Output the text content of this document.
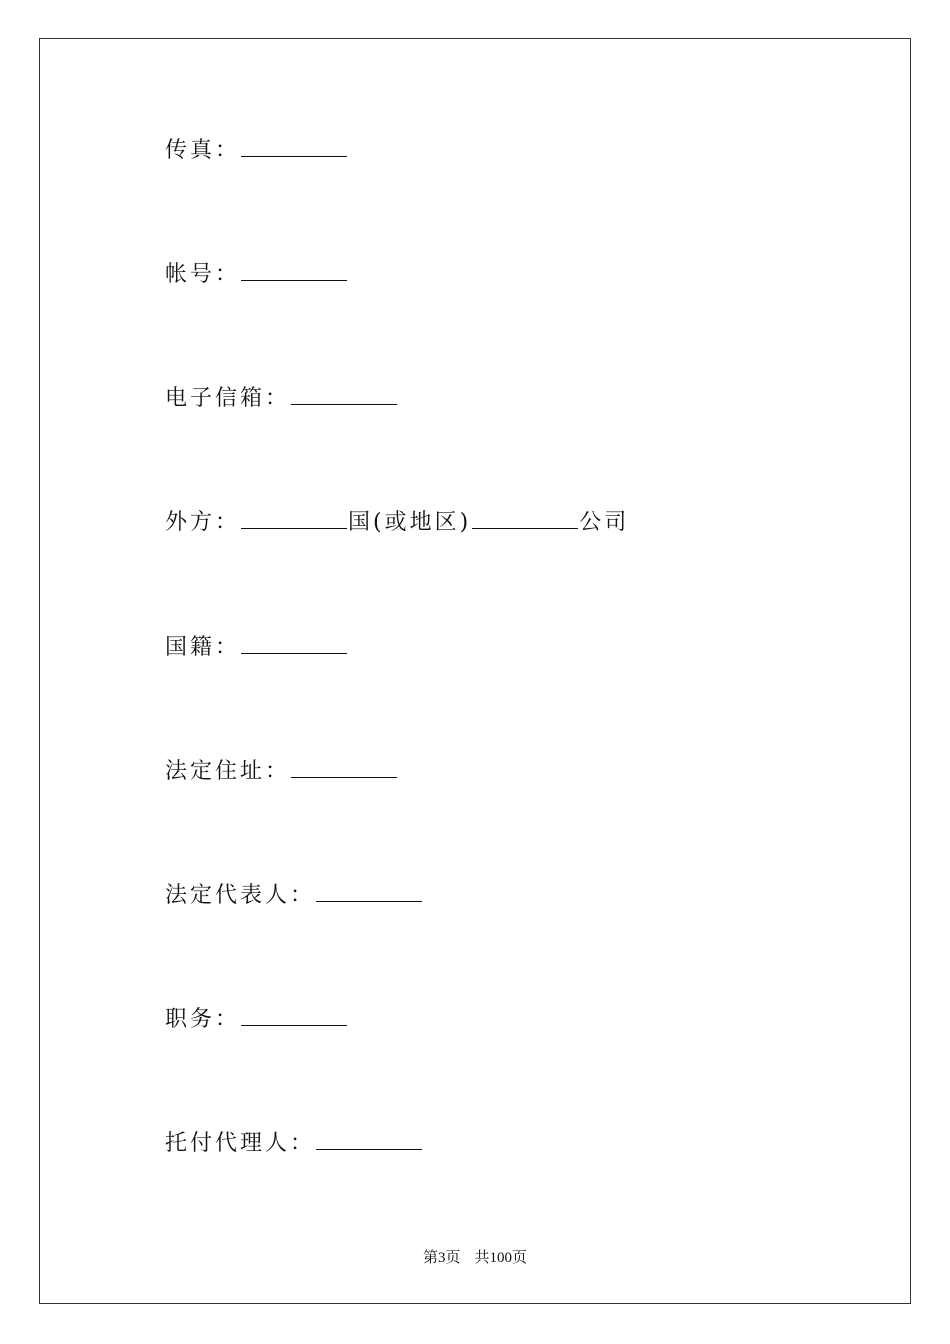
传真：
帐号：
电子信箱：
外方：	国(或地区)	公司
国籍：
法定住址：
法定代表人：
职务：
托付代理人：
第3页 共100页
